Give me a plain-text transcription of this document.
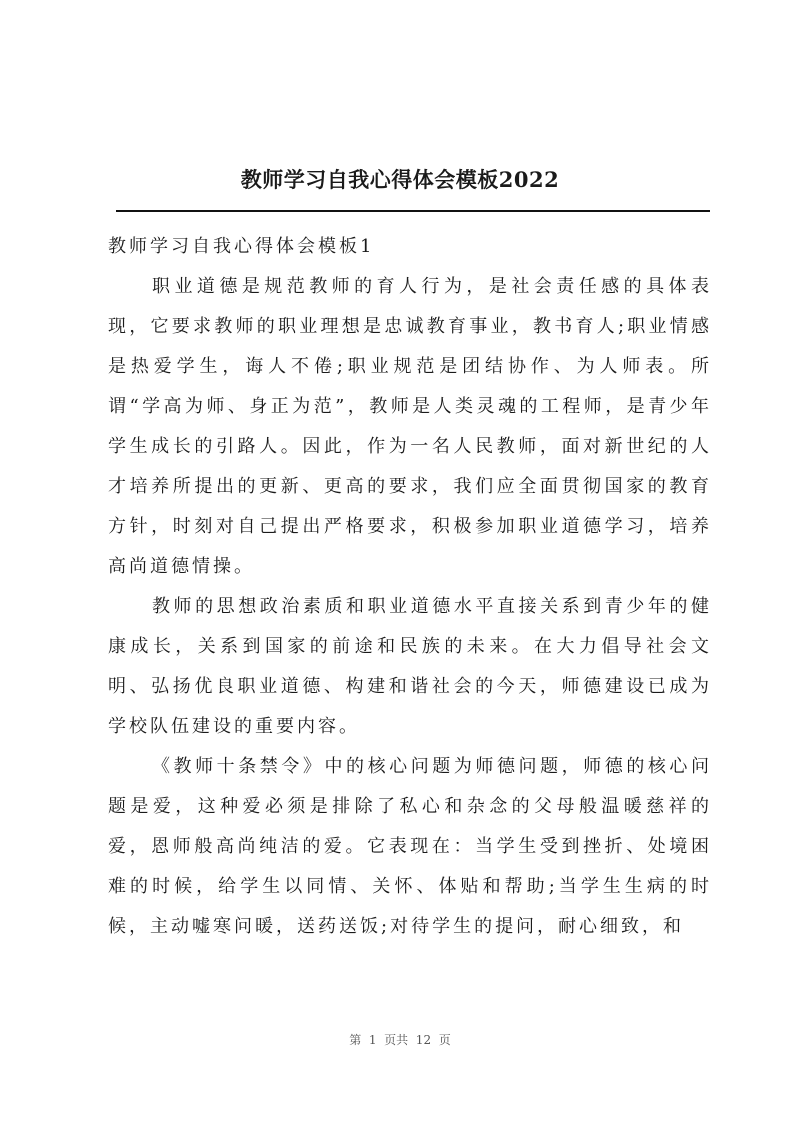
教师学习自我心得体会模板2022
教师学习自我心得体会模板1

职业道德是规范教师的育人行为，是社会责任感的具体表现，它要求教师的职业理想是忠诚教育事业，教书育人;职业情感是热爱学生，诲人不倦;职业规范是团结协作、为人师表。所谓“学高为师、身正为范”，教师是人类灵魂的工程师，是青少年学生成长的引路人。因此，作为一名人民教师，面对新世纪的人才培养所提出的更新、更高的要求，我们应全面贯彻国家的教育方针，时刻对自己提出严格要求，积极参加职业道德学习，培养高尚道德情操。

教师的思想政治素质和职业道德水平直接关系到青少年的健康成长，关系到国家的前途和民族的未来。在大力倡导社会文明、弘扬优良职业道德、构建和谐社会的今天，师德建设已成为学校队伍建设的重要内容。

《教师十条禁令》中的核心问题为师德问题，师德的核心问题是爱，这种爱必须是排除了私心和杂念的父母般温暖慈祥的爱，恩师般高尚纯洁的爱。它表现在：当学生受到挫折、处境困难的时候，给学生以同情、关怀、体贴和帮助;当学生生病的时候，主动嘘寒问暖，送药送饭;对待学生的提问，耐心细致，和

第  1  页共  12  页
